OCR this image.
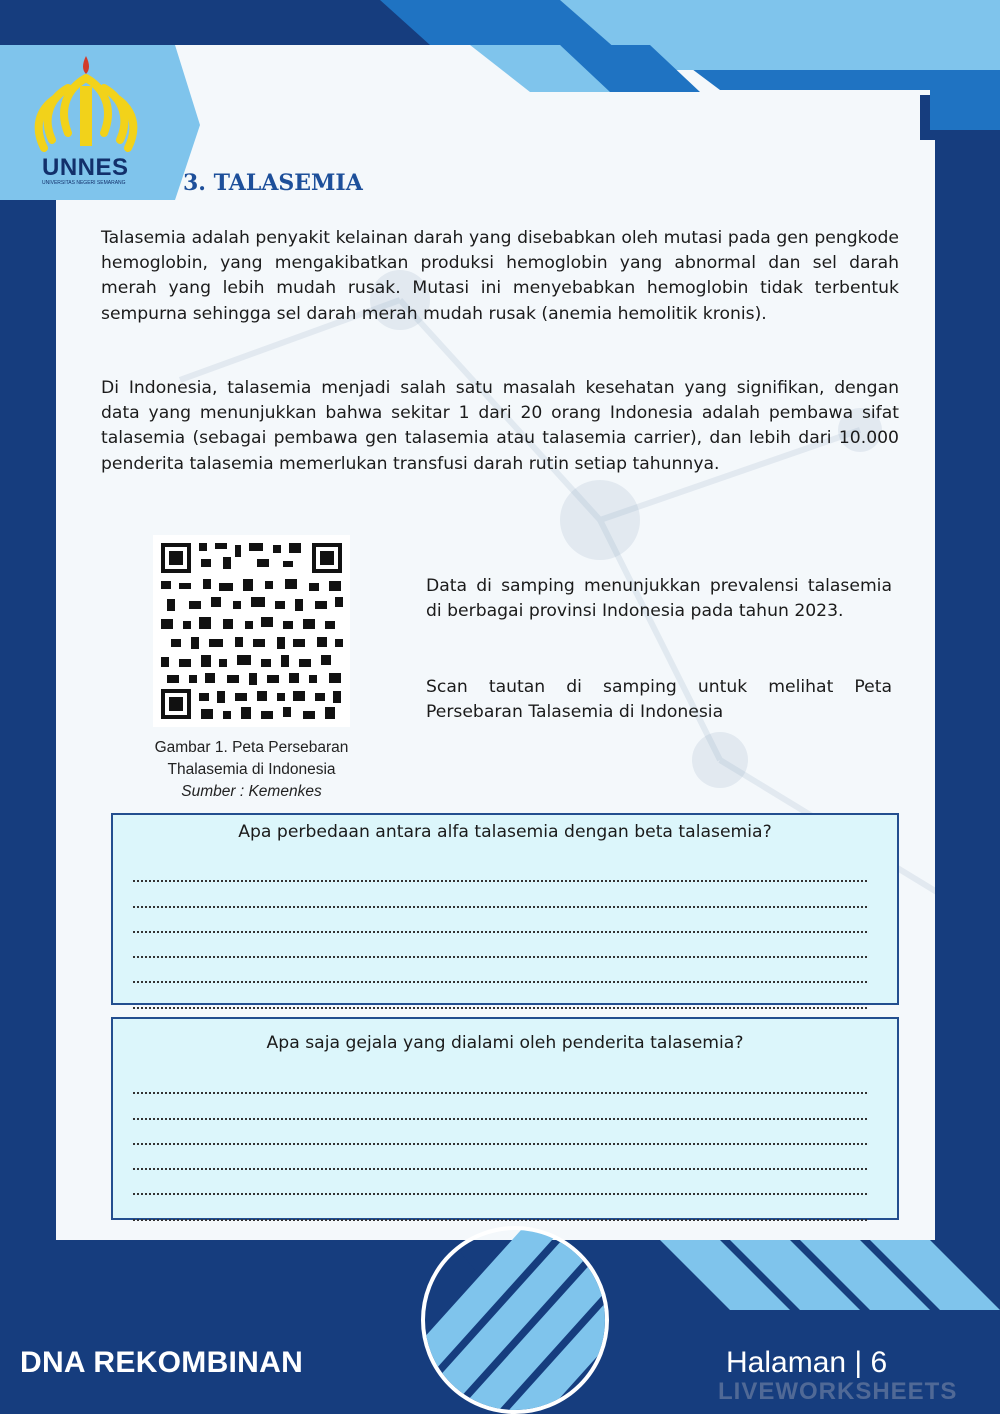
UNNES
UNIVERSITAS NEGERI SEMARANG	3. TALASEMIA

Talasemia adalah penyakit kelainan darah yang disebabkan oleh mutasi pada gen pengkode hemoglobin, yang mengakibatkan produksi hemoglobin yang abnormal dan sel darah merah yang lebih mudah rusak. Mutasi ini menyebabkan hemoglobin tidak terbentuk sempurna sehingga sel darah merah mudah rusak (anemia hemolitik kronis).

Di Indonesia, talasemia menjadi salah satu masalah kesehatan yang signifikan, dengan data yang menunjukkan bahwa sekitar 1 dari 20 orang Indonesia adalah pembawa sifat talasemia (sebagai pembawa gen talasemia atau talasemia carrier), dan lebih dari 10.000 penderita talasemia memerlukan transfusi darah rutin setiap tahunnya.

Gambar 1. Peta Persebaran
Thalasemia di Indonesia
Sumber : Kemenkes

Data di samping menunjukkan prevalensi talasemia di berbagai provinsi Indonesia pada tahun 2023.

Scan tautan di samping untuk melihat Peta Persebaran Talasemia di Indonesia

Apa perbedaan antara alfa talasemia dengan beta talasemia?
Apa saja gejala yang dialami oleh penderita talasemia?
DNA REKOMBINAN	Halaman | 6
LIVEWORKSHEETS
